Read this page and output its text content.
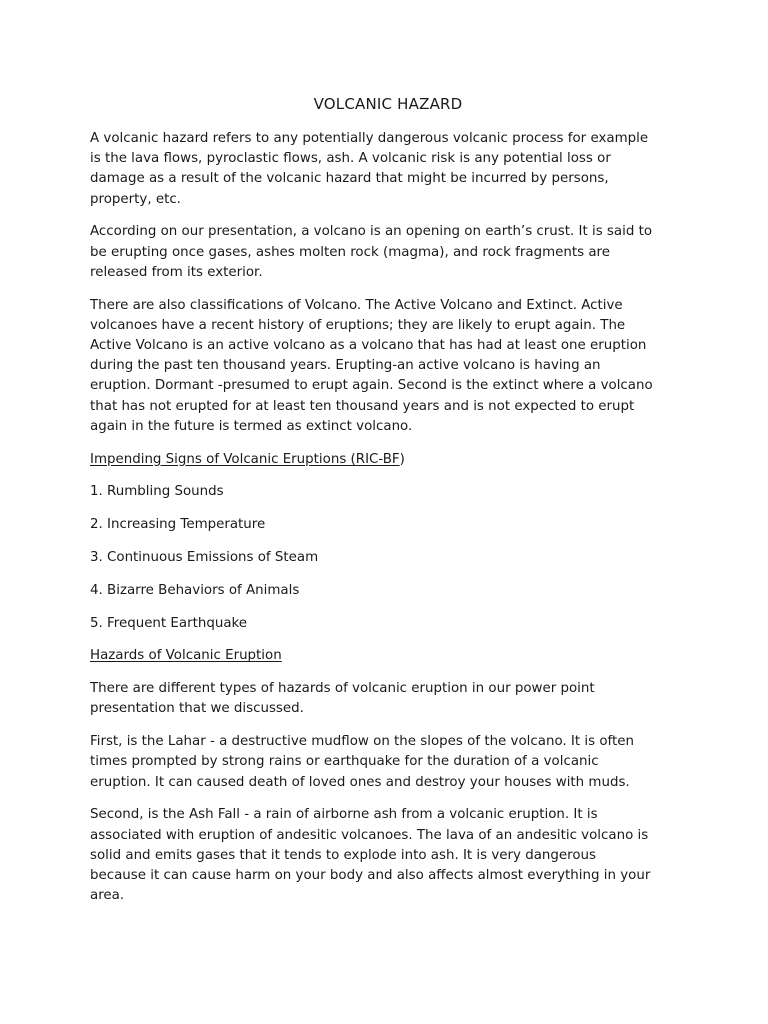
VOLCANIC HAZARD
A volcanic hazard refers to any potentially dangerous volcanic process for example
is the lava flows, pyroclastic flows, ash. A volcanic risk is any potential loss or
damage as a result of the volcanic hazard that might be incurred by persons,
property, etc.
According on our presentation, a volcano is an opening on earth’s crust. It is said to
be erupting once gases, ashes molten rock (magma), and rock fragments are
released from its exterior.
There are also classifications of Volcano. The Active Volcano and Extinct. Active
volcanoes have a recent history of eruptions; they are likely to erupt again. The
Active Volcano is an active volcano as a volcano that has had at least one eruption
during the past ten thousand years. Erupting-an active volcano is having an
eruption. Dormant -presumed to erupt again. Second is the extinct where a volcano
that has not erupted for at least ten thousand years and is not expected to erupt
again in the future is termed as extinct volcano.
Impending Signs of Volcanic Eruptions (RIC-BF)
1. Rumbling Sounds
2. Increasing Temperature
3. Continuous Emissions of Steam
4. Bizarre Behaviors of Animals
5. Frequent Earthquake
Hazards of Volcanic Eruption
There are different types of hazards of volcanic eruption in our power point
presentation that we discussed.
First, is the Lahar - a destructive mudflow on the slopes of the volcano. It is often
times prompted by strong rains or earthquake for the duration of a volcanic
eruption. It can caused death of loved ones and destroy your houses with muds.
Second, is the Ash Fall - a rain of airborne ash from a volcanic eruption. It is
associated with eruption of andesitic volcanoes. The lava of an andesitic volcano is
solid and emits gases that it tends to explode into ash. It is very dangerous
because it can cause harm on your body and also affects almost everything in your
area.
